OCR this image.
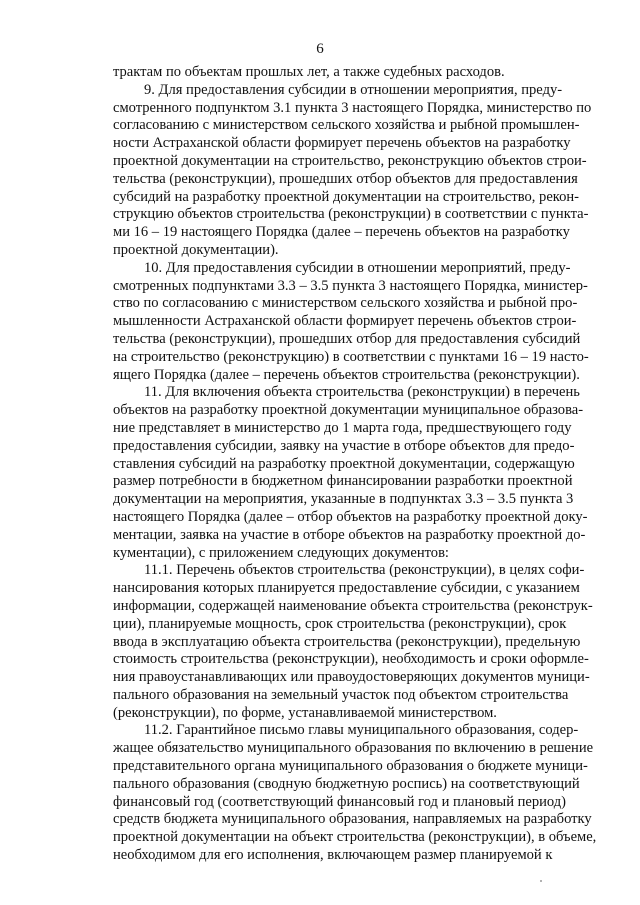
6
трактам по объектам прошлых лет, а также судебных расходов.
9. Для предоставления субсидии в отношении мероприятия, преду-
смотренного подпунктом 3.1 пункта 3 настоящего Порядка, министерство по
согласованию с министерством сельского хозяйства и рыбной промышлен-
ности Астраханской области формирует перечень объектов на разработку
проектной документации на строительство, реконструкцию объектов строи-
тельства (реконструкции), прошедших отбор объектов для предоставления
субсидий на разработку проектной документации на строительство, рекон-
струкцию объектов строительства (реконструкции) в соответствии с пункта-
ми 16 – 19 настоящего Порядка (далее – перечень объектов на разработку
проектной документации).
10. Для предоставления субсидии в отношении мероприятий, преду-
смотренных подпунктами 3.3 – 3.5 пункта 3 настоящего Порядка, министер-
ство по согласованию с министерством сельского хозяйства и рыбной про-
мышленности Астраханской области формирует перечень объектов строи-
тельства (реконструкции), прошедших отбор для предоставления субсидий
на строительство (реконструкцию) в соответствии с пунктами 16 – 19 насто-
ящего Порядка (далее – перечень объектов строительства (реконструкции).
11. Для включения объекта строительства (реконструкции) в перечень
объектов на разработку проектной документации муниципальное образова-
ние представляет в министерство до 1 марта года, предшествующего году
предоставления субсидии, заявку на участие в отборе объектов для предо-
ставления субсидий на разработку проектной документации, содержащую
размер потребности в бюджетном финансировании разработки проектной
документации на мероприятия, указанные в подпунктах 3.3 – 3.5 пункта 3
настоящего Порядка (далее – отбор объектов на разработку проектной доку-
ментации, заявка на участие в отборе объектов на разработку проектной до-
кументации), с приложением следующих документов:
11.1. Перечень объектов строительства (реконструкции), в целях софи-
нансирования которых планируется предоставление субсидии, с указанием
информации, содержащей наименование объекта строительства (реконструк-
ции), планируемые мощность, срок строительства (реконструкции), срок
ввода в эксплуатацию объекта строительства (реконструкции), предельную
стоимость строительства (реконструкции), необходимость и сроки оформле-
ния правоустанавливающих или правоудостоверяющих документов муници-
пального образования на земельный участок под объектом строительства
(реконструкции), по форме, устанавливаемой министерством.
11.2. Гарантийное письмо главы муниципального образования, содер-
жащее обязательство муниципального образования по включению в решение
представительного органа муниципального образования о бюджете муници-
пального образования (сводную бюджетную роспись) на соответствующий
финансовый год (соответствующий финансовый год и плановый период)
средств бюджета муниципального образования, направляемых на разработку
проектной документации на объект строительства (реконструкции), в объеме,
необходимом для его исполнения, включающем размер планируемой к
